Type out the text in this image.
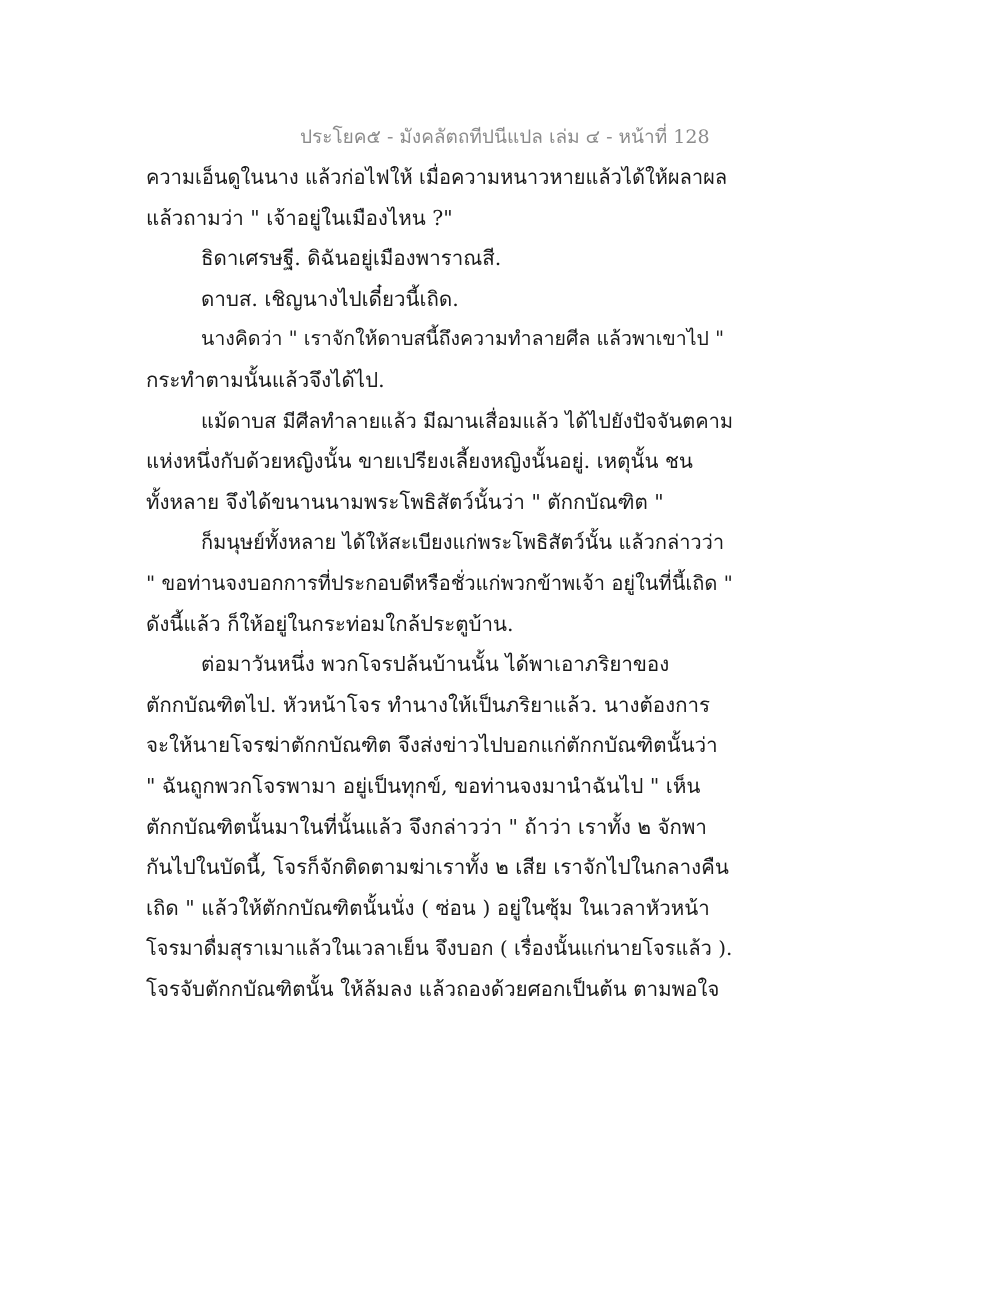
ประโยค๕ - มังคลัตถทีปนีแปล เล่ม ๔ - หน้าที่ 128
ความเอ็นดูในนาง แล้วก่อไฟให้ เมื่อความหนาวหายแล้วได้ให้ผลาผล
แล้วถามว่า " เจ้าอยู่ในเมืองไหน ?"
ธิดาเศรษฐี. ดิฉันอยู่เมืองพาราณสี.
ดาบส. เชิญนางไปเดี๋ยวนี้เถิด.
นางคิดว่า " เราจักให้ดาบสนี้ถึงความทำลายศีล แล้วพาเขาไป "
กระทำตามนั้นแล้วจึงได้ไป.
แม้ดาบส มีศีลทำลายแล้ว มีฌานเสื่อมแล้ว ได้ไปยังปัจจันตคาม
แห่งหนึ่งกับด้วยหญิงนั้น ขายเปรียงเลี้ยงหญิงนั้นอยู่. เหตุนั้น ชน
ทั้งหลาย จึงได้ขนานนามพระโพธิสัตว์นั้นว่า " ตักกบัณฑิต "
ก็มนุษย์ทั้งหลาย ได้ให้สะเบียงแก่พระโพธิสัตว์นั้น แล้วกล่าวว่า
" ขอท่านจงบอกการที่ประกอบดีหรือชั่วแก่พวกข้าพเจ้า อยู่ในที่นี้เถิด "
ดังนี้แล้ว ก็ให้อยู่ในกระท่อมใกล้ประตูบ้าน.
ต่อมาวันหนึ่ง พวกโจรปล้นบ้านนั้น ได้พาเอาภริยาของ
ตักกบัณฑิตไป. หัวหน้าโจร ทำนางให้เป็นภริยาแล้ว. นางต้องการ
จะให้นายโจรฆ่าตักกบัณฑิต จึงส่งข่าวไปบอกแก่ตักกบัณฑิตนั้นว่า
" ฉันถูกพวกโจรพามา อยู่เป็นทุกข์, ขอท่านจงมานำฉันไป " เห็น
ตักกบัณฑิตนั้นมาในที่นั้นแล้ว จึงกล่าวว่า " ถ้าว่า เราทั้ง ๒ จักพา
กันไปในบัดนี้, โจรก็จักติดตามฆ่าเราทั้ง ๒ เสีย เราจักไปในกลางคืน
เถิด " แล้วให้ตักกบัณฑิตนั้นนั่ง ( ซ่อน ) อยู่ในซุ้ม ในเวลาหัวหน้า
โจรมาดื่มสุราเมาแล้วในเวลาเย็น จึงบอก ( เรื่องนั้นแก่นายโจรแล้ว ).
โจรจับตักกบัณฑิตนั้น ให้ล้มลง แล้วถองด้วยศอกเป็นต้น ตามพอใจ
